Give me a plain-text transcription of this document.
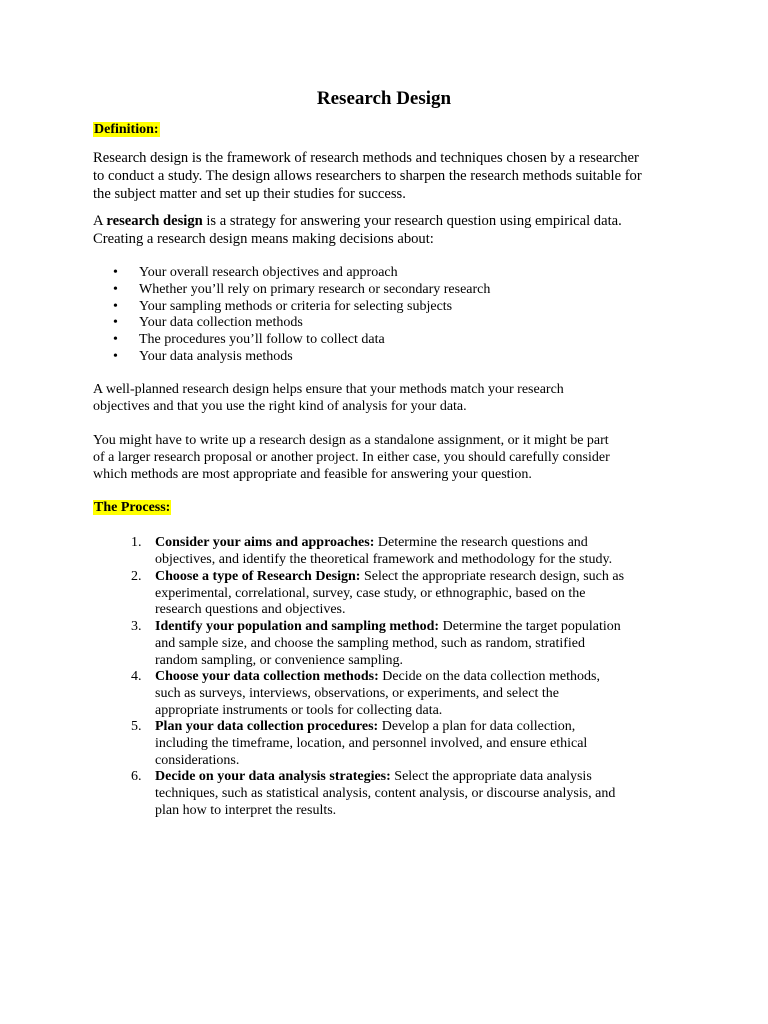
Research Design
Definition:
Research design is the framework of research methods and techniques chosen by a researcher
to conduct a study. The design allows researchers to sharpen the research methods suitable for
the subject matter and set up their studies for success.
A research design is a strategy for answering your research question using empirical data.
Creating a research design means making decisions about:
•	Your overall research objectives and approach
•	Whether you’ll rely on primary research or secondary research
•	Your sampling methods or criteria for selecting subjects
•	Your data collection methods
•	The procedures you’ll follow to collect data
•	Your data analysis methods
A well-planned research design helps ensure that your methods match your research
objectives and that you use the right kind of analysis for your data.
You might have to write up a research design as a standalone assignment, or it might be part
of a larger research proposal or another project. In either case, you should carefully consider
which methods are most appropriate and feasible for answering your question.
The Process:
1. Consider your aims and approaches: Determine the research questions and
objectives, and identify the theoretical framework and methodology for the study.
2. Choose a type of Research Design: Select the appropriate research design, such as
experimental, correlational, survey, case study, or ethnographic, based on the
research questions and objectives.
3. Identify your population and sampling method: Determine the target population
and sample size, and choose the sampling method, such as random, stratified
random sampling, or convenience sampling.
4. Choose your data collection methods: Decide on the data collection methods,
such as surveys, interviews, observations, or experiments, and select the
appropriate instruments or tools for collecting data.
5. Plan your data collection procedures: Develop a plan for data collection,
including the timeframe, location, and personnel involved, and ensure ethical
considerations.
6. Decide on your data analysis strategies: Select the appropriate data analysis
techniques, such as statistical analysis, content analysis, or discourse analysis, and
plan how to interpret the results.
